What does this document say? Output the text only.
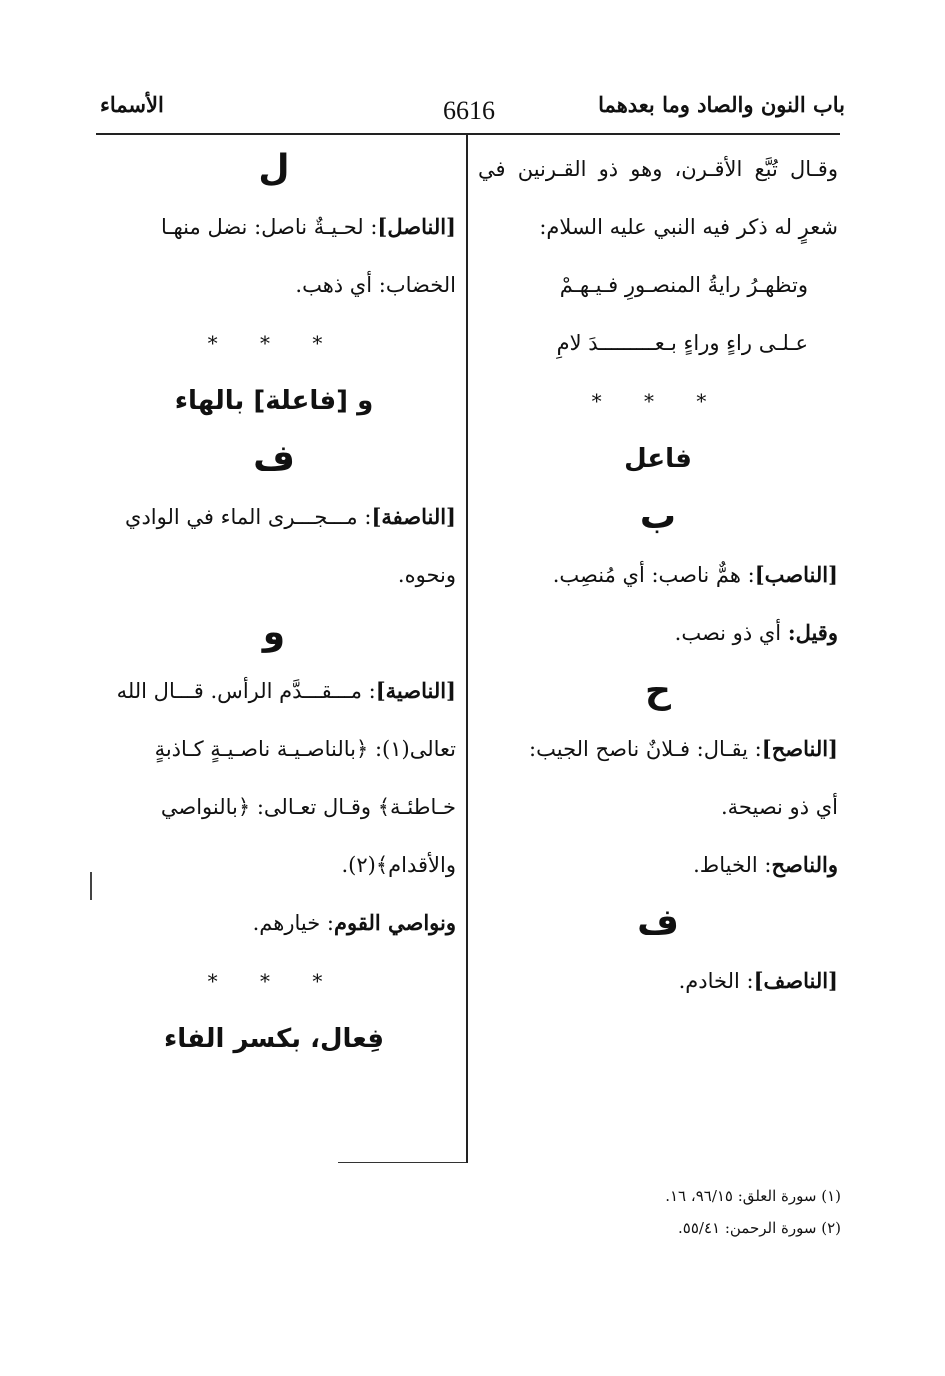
باب النون والصاد وما بعدهما
6616
الأسماء
وقـال تُبَّع الأقـرن، وهو ذو القـرنين في
شعرٍ له ذكر فيه النبي عليه السلام:
وتظهـرُ رايةُ المنصـورِ فـيـهـمْ
عـلـى راءٍ وراءٍ بـعـــــــــدَ لامِ
* * *
فاعل
ب
[الناصب]: همٌّ ناصب: أي مُنصِب.
وقيل: أي ذو نصب.
ح
[الناصح]: يقـال: فـلانٌ ناصح الجيب:
أي ذو نصيحة.
والناصح: الخياط.
ف
[الناصف]: الخادم.
ل
[الناصل]: لحـيـةٌ ناصل: نضل منهـا
الخضاب: أي ذهب.
* * *
و [فاعلة] بالهاء
ف
[الناصفة]: مـــجـــرى الماء في الوادي
ونحوه.
و
[الناصية]: مـــقـــدَّم الرأس. قـــال الله
تعالى(١): ﴿بالناصـيـة ناصـيـةٍ كـاذبةٍ
خـاطئـة﴾ وقـال تعـالى: ﴿بالنواصي
والأقدام﴾(٢).
ونواصي القوم: خيارهم.
* * *
فِعال، بكسر الفاء
(١) سورة العلق: ٩٦/١٥، ١٦.
(٢) سورة الرحمن: ٥٥/٤١.
